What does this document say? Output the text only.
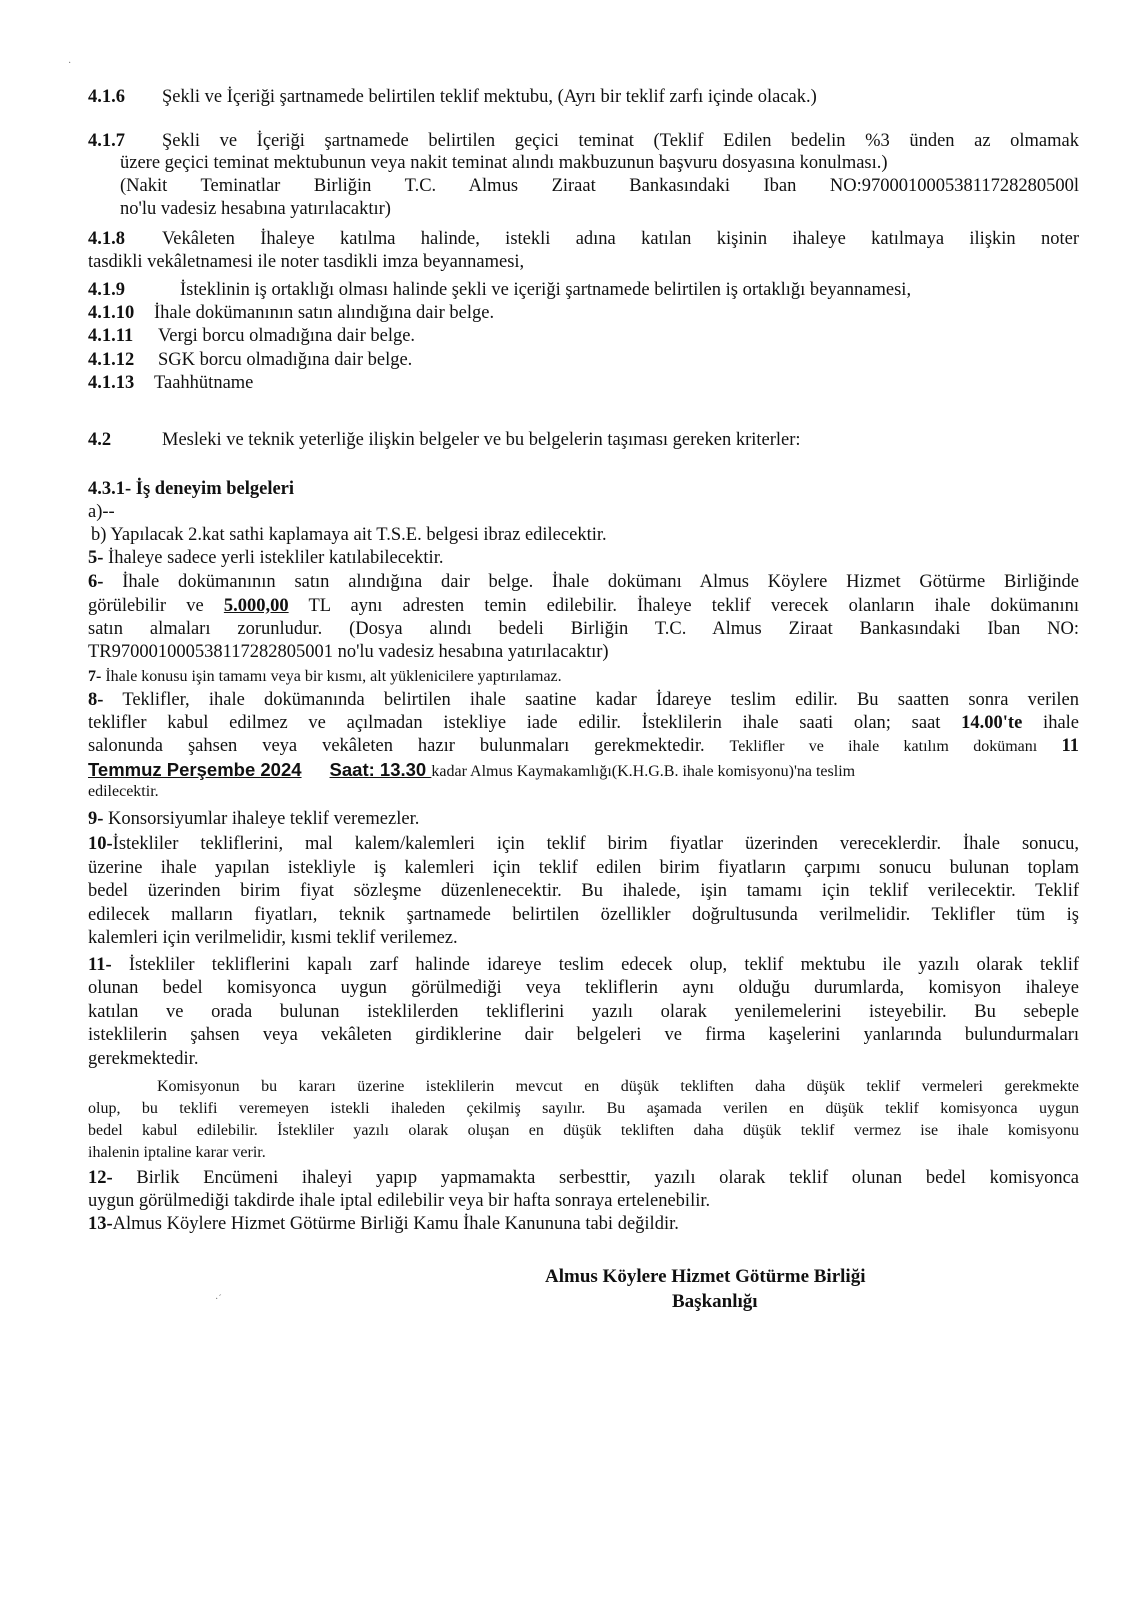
4.1.6 Şekli ve İçeriği şartnamede belirtilen teklif mektubu, (Ayrı bir teklif zarfı içinde olacak.)
4.1.7 Şekli ve İçeriği şartnamede belirtilen geçici teminat (Teklif Edilen bedelin %3 ünden az olmamak
üzere geçici teminat mektubunun veya nakit teminat alındı makbuzunun başvuru dosyasına konulması.)
(Nakit Teminatlar Birliğin T.C. Almus Ziraat Bankasındaki Iban NO:97000100053811728280500l
no'lu vadesiz hesabına yatırılacaktır)
4.1.8 Vekâleten İhaleye katılma halinde, istekli adına katılan kişinin ihaleye katılmaya ilişkin noter
tasdikli vekâletnamesi ile noter tasdikli imza beyannamesi,
4.1.9	İsteklinin iş ortaklığı olması halinde şekli ve içeriği şartnamede belirtilen iş ortaklığı beyannamesi,
4.1.10 İhale dokümanının satın alındığına dair belge.
4.1.11 Vergi borcu olmadığına dair belge.
4.1.12 SGK borcu olmadığına dair belge.
4.1.13 Taahhütname
4.2	Mesleki ve teknik yeterliğe ilişkin belgeler ve bu belgelerin taşıması gereken kriterler:
4.3.1- İş deneyim belgeleri
a)--
b) Yapılacak 2.kat sathi kaplamaya ait T.S.E. belgesi ibraz edilecektir.
5- İhaleye sadece yerli istekliler katılabilecektir.
6- İhale dokümanının satın alındığına dair belge. İhale dokümanı Almus Köylere Hizmet Götürme Birliğinde
görülebilir ve 5.000,00 TL aynı adresten temin edilebilir. İhaleye teklif verecek olanların ihale dokümanını
satın almaları zorunludur. (Dosya alındı bedeli Birliğin T.C. Almus Ziraat Bankasındaki Iban NO:
TR970001000538117282805001 no'lu vadesiz hesabına yatırılacaktır)
7- İhale konusu işin tamamı veya bir kısmı, alt yüklenicilere yaptırılamaz.
8- Teklifler, ihale dokümanında belirtilen ihale saatine kadar İdareye teslim edilir. Bu saatten sonra verilen
teklifler kabul edilmez ve açılmadan istekliye iade edilir. İsteklilerin ihale saati olan; saat 14.00'te ihale
salonunda şahsen veya vekâleten hazır bulunmaları gerekmektedir. Teklifler ve ihale katılım dokümanı 11
Temmuz Perşembe 2024 Saat: 13.30 kadar Almus Kaymakamlığı(K.H.G.B. ihale komisyonu)'na teslim
edilecektir.
9- Konsorsiyumlar ihaleye teklif veremezler.
10-İstekliler tekliflerini, mal kalem/kalemleri için teklif birim fiyatlar üzerinden vereceklerdir. İhale sonucu,
üzerine ihale yapılan istekliyle iş kalemleri için teklif edilen birim fiyatların çarpımı sonucu bulunan toplam
bedel üzerinden birim fiyat sözleşme düzenlenecektir. Bu ihalede, işin tamamı için teklif verilecektir. Teklif
edilecek malların fiyatları, teknik şartnamede belirtilen özellikler doğrultusunda verilmelidir. Teklifler tüm iş
kalemleri için verilmelidir, kısmi teklif verilemez.
11- İstekliler tekliflerini kapalı zarf halinde idareye teslim edecek olup, teklif mektubu ile yazılı olarak teklif
olunan bedel komisyonca uygun görülmediği veya tekliflerin aynı olduğu durumlarda, komisyon ihaleye
katılan ve orada bulunan isteklilerden tekliflerini yazılı olarak yenilemelerini isteyebilir. Bu sebeple
isteklilerin şahsen veya vekâleten girdiklerine dair belgeleri ve firma kaşelerini yanlarında bulundurmaları
gerekmektedir.
Komisyonun bu kararı üzerine isteklilerin mevcut en düşük tekliften daha düşük teklif vermeleri gerekmekte
olup, bu teklifi veremeyen istekli ihaleden çekilmiş sayılır. Bu aşamada verilen en düşük teklif komisyonca uygun
bedel kabul edilebilir. İstekliler yazılı olarak oluşan en düşük tekliften daha düşük teklif vermez ise ihale komisyonu
ihalenin iptaline karar verir.
12- Birlik Encümeni ihaleyi yapıp yapmamakta serbesttir, yazılı olarak teklif olunan bedel komisyonca
uygun görülmediği takdirde ihale iptal edilebilir veya bir hafta sonraya ertelenebilir.
13-Almus Köylere Hizmet Götürme Birliği Kamu İhale Kanununa tabi değildir.
Almus Köylere Hizmet Götürme Birliği
Başkanlığı
·
·ˊ
